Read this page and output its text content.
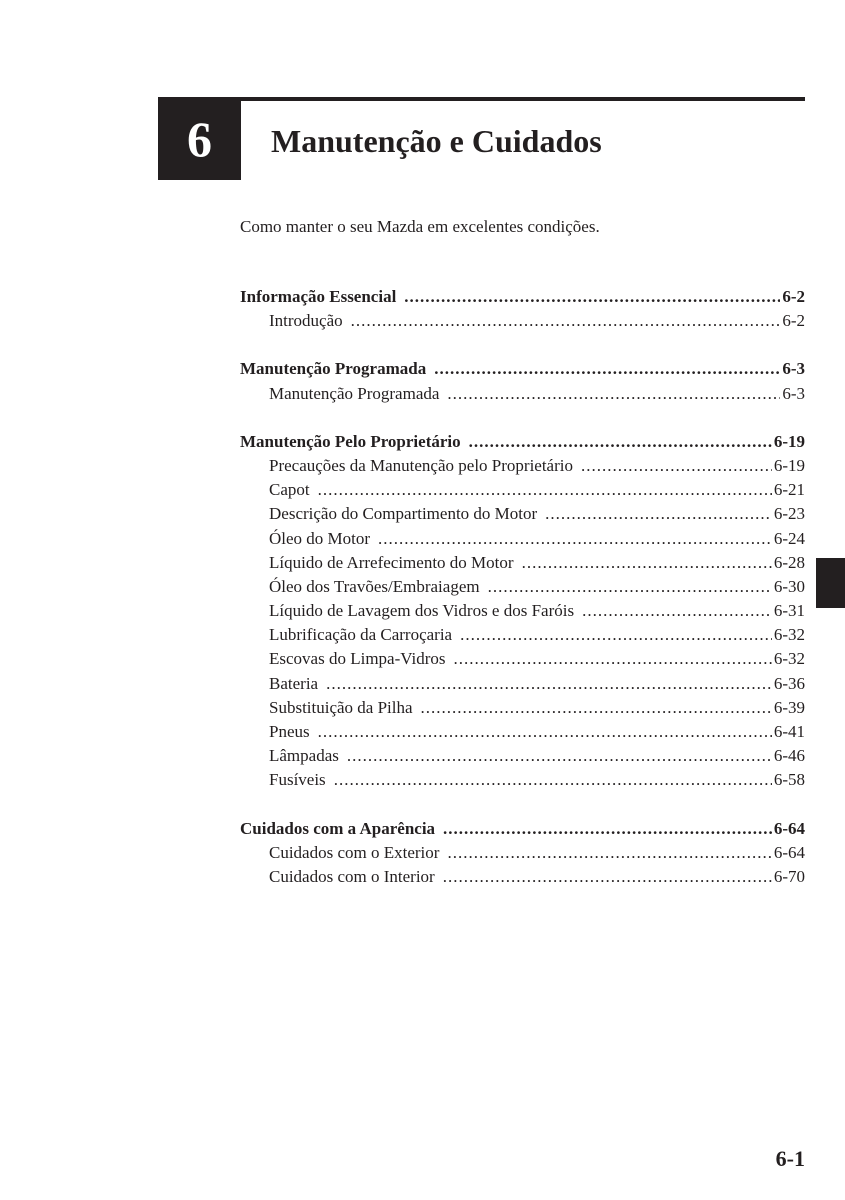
6 Manutenção e Cuidados
Como manter o seu Mazda em excelentes condições.
Informação Essencial .....	6-2
Introdução .....	6-2
Manutenção Programada .....	6-3
Manutenção Programada .....	6-3
Manutenção Pelo Proprietário .....	6-19
Precauções da Manutenção pelo Proprietário .....	6-19
Capot .....	6-21
Descrição do Compartimento do Motor .....	6-23
Óleo do Motor .....	6-24
Líquido de Arrefecimento do Motor .....	6-28
Óleo dos Travões/Embraiagem .....	6-30
Líquido de Lavagem dos Vidros e dos Faróis .....	6-31
Lubrificação da Carroçaria .....	6-32
Escovas do Limpa-Vidros .....	6-32
Bateria .....	6-36
Substituição da Pilha .....	6-39
Pneus .....	6-41
Lâmpadas .....	6-46
Fusíveis .....	6-58
Cuidados com a Aparência .....	6-64
Cuidados com o Exterior .....	6-64
Cuidados com o Interior .....	6-70
6-1
